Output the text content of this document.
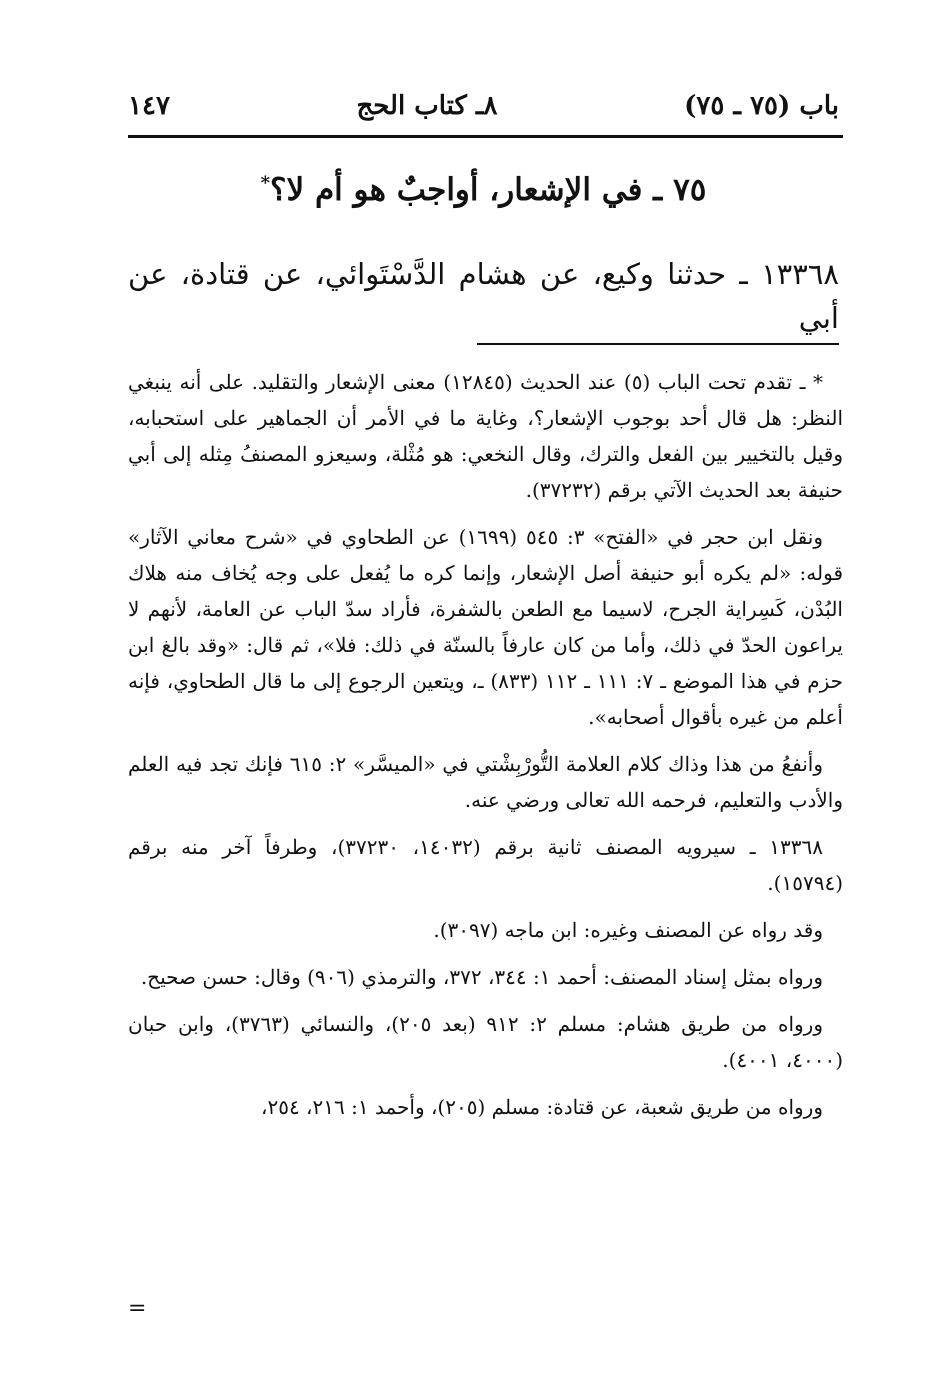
باب (٧٥ ـ ٧٥)
٨ـ كتاب الحج
١٤٧
٧٥ ـ في الإشعار، أواجبٌ هو أم لا؟*
١٣٣٦٨ ـ حدثنا وكيع، عن هشام الدَّسْتَوائي، عن قتادة، عن أبي

* ـ تقدم تحت الباب (٥) عند الحديث (١٢٨٤٥) معنى الإشعار والتقليد. على أنه ينبغي النظر: هل قال أحد بوجوب الإشعار؟، وغاية ما في الأمر أن الجماهير على استحبابه، وقيل بالتخيير بين الفعل والترك، وقال النخعي: هو مُثْلة، وسيعزو المصنفُ مِثله إلى أبي حنيفة بعد الحديث الآتي برقم (٣٧٢٣٢).

ونقل ابن حجر في «الفتح» ٣: ٥٤٥ (١٦٩٩) عن الطحاوي في «شرح معاني الآثار» قوله: «لم يكره أبو حنيفة أصل الإشعار، وإنما كره ما يُفعل على وجه يُخاف منه هلاك البُدْن، كَسِراية الجرح، لاسيما مع الطعن بالشفرة، فأراد سدّ الباب عن العامة، لأنهم لا يراعون الحدّ في ذلك، وأما من كان عارفاً بالسنّة في ذلك: فلا»، ثم قال: «وقد بالغ ابن حزم في هذا الموضع ـ ٧: ١١١ ـ ١١٢ (٨٣٣) ـ، ويتعين الرجوع إلى ما قال الطحاوي، فإنه أعلم من غيره بأقوال أصحابه».

وأنفعُ من هذا وذاك كلام العلامة التُّورْبِشْتي في «الميسَّر» ٢: ٦١٥ فإنك تجد فيه العلم والأدب والتعليم، فرحمه الله تعالى ورضي عنه.

١٣٣٦٨ ـ سيرويه المصنف ثانية برقم (١٤٠٣٢، ٣٧٢٣٠)، وطرفاً آخر منه برقم (١٥٧٩٤).

وقد رواه عن المصنف وغيره: ابن ماجه (٣٠٩٧).

ورواه بمثل إسناد المصنف: أحمد ١: ٣٤٤، ٣٧٢، والترمذي (٩٠٦) وقال: حسن صحيح.

ورواه من طريق هشام: مسلم ٢: ٩١٢ (بعد ٢٠٥)، والنسائي (٣٧٦٣)، وابن حبان (٤٠٠٠، ٤٠٠١).

ورواه من طريق شعبة، عن قتادة: مسلم (٢٠٥)، وأحمد ١: ٢١٦، ٢٥٤،

=
